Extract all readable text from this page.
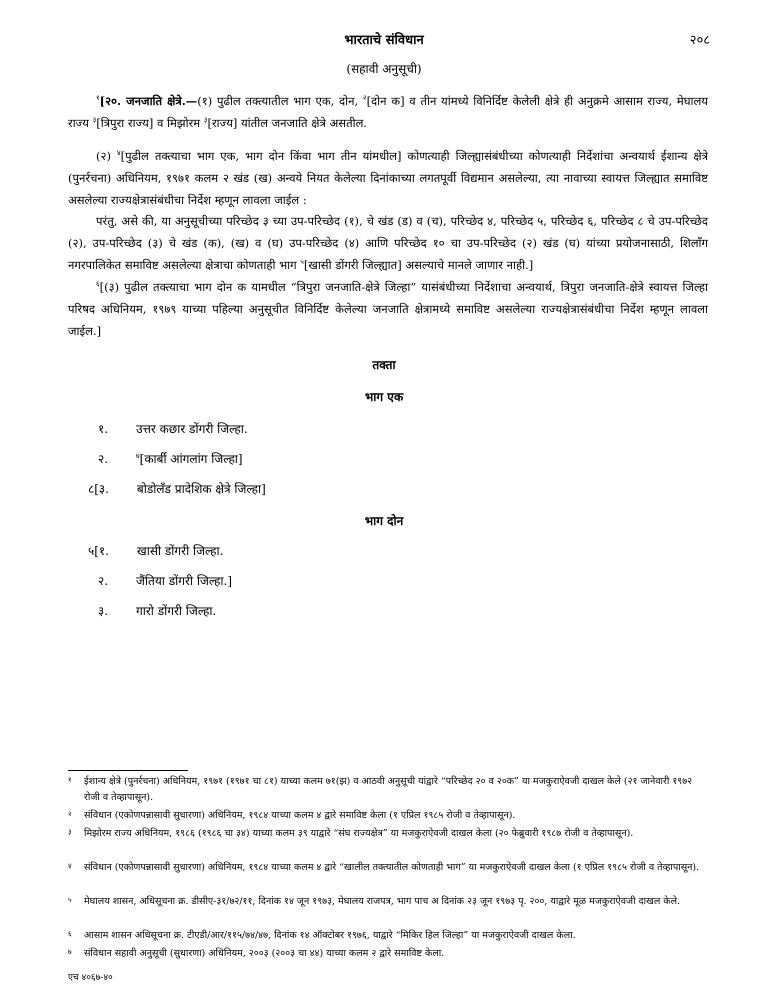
भारताचे संविधान	२०८
(सहावी अनुसूची)
$^१$[२०. जनजाति क्षेत्रे.—(१) पुढील तक्त्यातील भाग एक, दोन, $^२$[दोन क] व तीन यांमध्ये विनिर्दिष्ट केलेली क्षेत्रे ही अनुक्रमे आसाम राज्य, मेघालय राज्य $^३$[त्रिपुरा राज्य] व मिझोरम $^३$[राज्य] यांतील जनजाति क्षेत्रे असतील.
(२) $^४$[पुढील तक्त्याचा भाग एक, भाग दोन किंवा भाग तीन यांमधील] कोणत्याही जिल्ह्यासंबंधीच्या कोणत्याही निर्देशांचा अन्वयार्थ ईशान्य क्षेत्रे (पुनर्रचना) अधिनियम, १९७१ कलम २ खंड (ख) अन्वये नियत केलेल्या दिनांकाच्या लगतपूर्वी विद्यमान असलेल्या, त्या नावाच्या स्वायत्त जिल्ह्यात समाविष्ट असलेल्या राज्यक्षेत्रासंबंधीचा निर्देश म्हणून लावला जाईल :
परंतु, असे की, या अनुसूचीच्या परिच्छेद ३ च्या उप-परिच्छेद (१), चे खंड (ड) व (च), परिच्छेद ४, परिच्छेद ५, परिच्छेद ६, परिच्छेद ८ चे उप-परिच्छेद (२), उप-परिच्छेद (३) चे खंड (क), (ख) व (घ) उप-परिच्छेद (४) आणि परिच्छेद १० चा उप-परिच्छेद (२) खंड (घ) यांच्या प्रयोजनासाठी, शिलाँग नगरपालिकेत समाविष्ट असलेल्या क्षेत्राचा कोणताही भाग $^५$[खासी डोंगरी जिल्ह्यात] असल्याचे मानले जाणार नाही.]
$^६$[(३) पुढील तक्त्याचा भाग दोन क यामधील “त्रिपुरा जनजाति-क्षेत्रे जिल्हा” यासंबंधीच्या निर्देशाचा अन्वयार्थ, त्रिपुरा जनजाति-क्षेत्रे स्वायत्त जिल्हा परिषद अधिनियम, १९७९ याच्या पहिल्या अनुसूचीत विनिर्दिष्ट केलेल्या जनजाति क्षेत्रामध्ये समाविष्ट असलेल्या राज्यक्षेत्रासंबंधीचा निर्देश म्हणून लावला जाईल.]
तक्ता
भाग एक
१. उत्तर कछार डोंगरी जिल्हा.
२.	$^७$[कार्बी आंगलांग जिल्हा]
८[३. बोडोलँड प्रादेशिक क्षेत्रे जिल्हा]
भाग दोन
५[१. खासी डोंगरी जिल्हा.
२. जैंतिया डोंगरी जिल्हा.]
३. गारो डोंगरी जिल्हा.
१	ईशान्य क्षेत्रे (पुनर्रचना) अधिनियम, १९७१ (१९७१ चा ८१) याच्या कलम ७१(झ) व आठवी अनुसूची यांद्वारे “परिच्छेद २० व २०क” या मजकुराऐवजी दाखल केले (२१ जानेवारी १९७२ रोजी व तेव्हापासून).
२	संविधान (एकोणपन्नासावी सुधारणा) अधिनियम, १९८४ याच्या कलम ४ द्वारे समाविष्ट केला (१ एप्रिल १९८५ रोजी व तेव्हापासून).
३	मिझोरम राज्य अधिनियम, १९८६ (१९८६ चा ३४) याच्या कलम ३९ याद्वारे “संघ राज्यक्षेत्र” या मजकुराऐवजी दाखल केला (२० फेब्रुवारी १९८७ रोजी व तेव्हापासून).
४	संविधान (एकोणपन्नासावी सुधारणा) अधिनियम, १९८४ याच्या कलम ४ द्वारे “खालील तक्त्यातील कोणताही भाग” या मजकुराऐवजी दाखल केला (१ एप्रिल १९८५ रोजी व तेव्हापासून).
५	मेघालय शासन, अधिसूचना क्र. डीसीए-३१/७२/११, दिनांक १४ जून १९७३, मेघालय राजपत्र, भाग पाच अ दिनांक २३ जून १९७३ पृ. २००, याद्वारे मूळ मजकुराऐवजी दाखल केले.
६	आसाम शासन अधिसूचना क्र. टीएडी/आर/११५/७४/४७, दिनांक १४ ऑक्टोबर १९७६, याद्वारे “मिकिर हिल जिल्हा” या मजकुराऐवजी दाखल केला.
७	संविधान सहावी अनुसूची (सुधारणा) अधिनियम, २००३ (२००३ चा ४४) याच्या कलम २ द्वारे समाविष्ट केला.
एच ४०६७-४०
